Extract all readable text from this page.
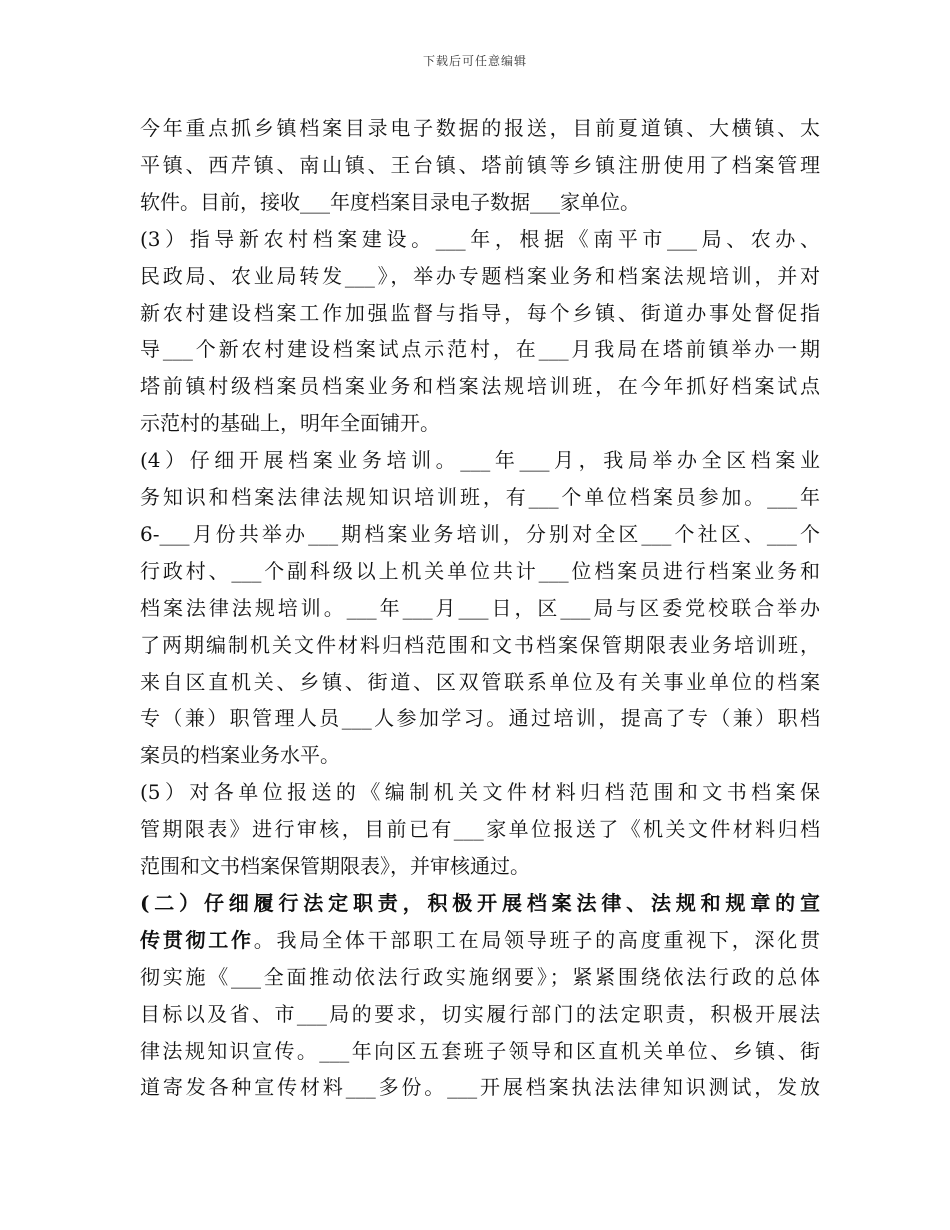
下载后可任意编辑
今年重点抓乡镇档案目录电子数据的报送，目前夏道镇、大横镇、太
平镇、西芹镇、南山镇、王台镇、塔前镇等乡镇注册使用了档案管理
软件。目前，接收___年度档案目录电子数据___家单位。
(3）指导新农村档案建设。___年，根据《南平市___局、农办、
民政局、农业局转发___》，举办专题档案业务和档案法规培训，并对
新农村建设档案工作加强监督与指导，每个乡镇、街道办事处督促指
导___个新农村建设档案试点示范村，在___月我局在塔前镇举办一期
塔前镇村级档案员档案业务和档案法规培训班，在今年抓好档案试点
示范村的基础上，明年全面铺开。
(4）仔细开展档案业务培训。___年___月，我局举办全区档案业
务知识和档案法律法规知识培训班，有___个单位档案员参加。___年
6-___月份共举办___期档案业务培训，分别对全区___个社区、___个
行政村、___个副科级以上机关单位共计___位档案员进行档案业务和
档案法律法规培训。___年___月___日，区___局与区委党校联合举办
了两期编制机关文件材料归档范围和文书档案保管期限表业务培训班，
来自区直机关、乡镇、街道、区双管联系单位及有关事业单位的档案
专（兼）职管理人员___人参加学习。通过培训，提高了专（兼）职档
案员的档案业务水平。
(5）对各单位报送的《编制机关文件材料归档范围和文书档案保
管期限表》进行审核，目前已有___家单位报送了《机关文件材料归档
范围和文书档案保管期限表》，并审核通过。
(二）仔细履行法定职责，积极开展档案法律、法规和规章的宣
传贯彻工作。我局全体干部职工在局领导班子的高度重视下，深化贯
彻实施《___全面推动依法行政实施纲要》；紧紧围绕依法行政的总体
目标以及省、市___局的要求，切实履行部门的法定职责，积极开展法
律法规知识宣传。___年向区五套班子领导和区直机关单位、乡镇、街
道寄发各种宣传材料___多份。___开展档案执法法律知识测试，发放
